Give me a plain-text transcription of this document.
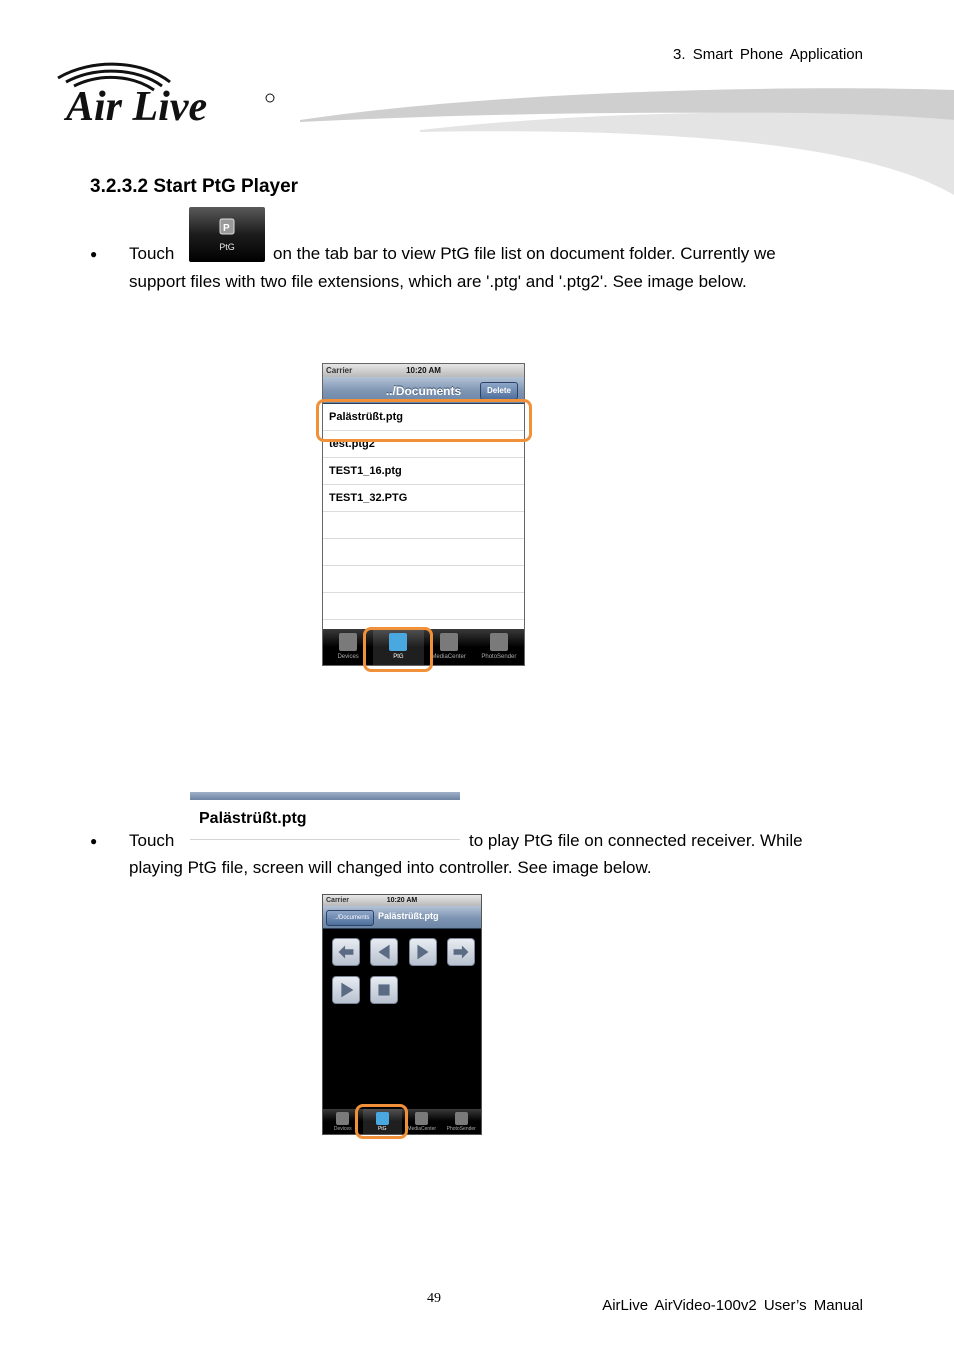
3. Smart Phone Application
Air Live
3.2.3.2 Start PtG Player
● Touch
P
PtG	on the tab bar to view PtG file list on document folder. Currently we
support files with two file extensions, which are '.ptg' and '.ptg2'. See image below.
Carrier	10:20 AM
../Documents	Delete
Palästrüßt.ptg
test.ptg2
TEST1_16.ptg
TEST1_32.PTG
Devices	PtG	MediaCenter	PhotoSender
Palästrüßt.ptg
● Touch	to play PtG file on connected receiver. While
playing PtG file, screen will changed into controller. See image below.
Carrier	10:20 AM
../Documents Palästrüßt.ptg
Devices	PtG	MediaCenter	PhotoSender
49	AirLive AirVideo-100v2 User’s Manual
